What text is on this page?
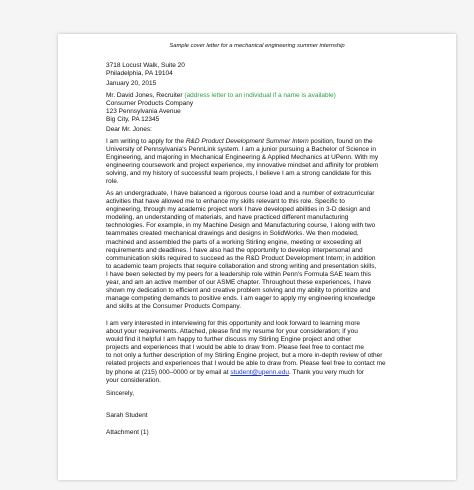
Sample cover letter for a mechanical engineering summer internship
3718 Locust Walk, Suite 20
Philadelphia, PA 19104
January 20, 2015
Mr. David Jones, Recruiter (address letter to an individual if a name is available)
Consumer Products Company
123 Pennsylvania Avenue
Big City, PA 12345
Dear Mr. Jones:
I am writing to apply for the R&D Product Development Summer Intern position, found on the
University of Pennsylvania's PennLink system. I am a junior pursuing a Bachelor of Science in
Engineering, and majoring in Mechanical Engineering & Applied Mechanics at UPenn. With my
engineering coursework and project experience, my innovative mindset and affinity for problem
solving, and my history of successful team projects, I believe I am a strong candidate for this
role.
As an undergraduate, I have balanced a rigorous course load and a number of extracurricular
activities that have allowed me to enhance my skills relevant to this role. Specific to
engineering, through my academic project work I have developed abilities in 3-D design and
modeling, an understanding of materials, and have practiced different manufacturing
technologies. For example, in my Machine Design and Manufacturing course, I along with two
teammates created mechanical drawings and designs in SolidWorks. We then modeled,
machined and assembled the parts of a working Stirling engine, meeting or exceeding all
requirements and deadlines. I have also had the opportunity to develop interpersonal and
communication skills required to succeed as the R&D Product Development Intern; in addition
to academic team projects that require collaboration and strong writing and presentation skills,
I have been selected by my peers for a leadership role within Penn's Formula SAE team this
year, and am an active member of our ASME chapter. Throughout these experiences, I have
shown my dedication to efficient and creative problem solving and my ability to prioritize and
manage competing demands to positive ends. I am eager to apply my engineering knowledge
and skills at the Consumer Products Company.
I am very interested in interviewing for this opportunity and look forward to learning more
about your requirements. Attached, please find my resume for your consideration; if you
would find it helpful I am happy to further discuss my Stirling Engine project and other
projects and experiences that I would be able to draw from. Please feel free to contact me
to not only a further description of my Stirling Engine project, but a more in-depth review of other
related projects and experiences that I would be able to draw from. Please feel free to contact me
by phone at (215) 000–0000 or by email at student@upenn.edu. Thank you very much for
your consideration.
Sincerely,
Sarah Student
Attachment (1)
